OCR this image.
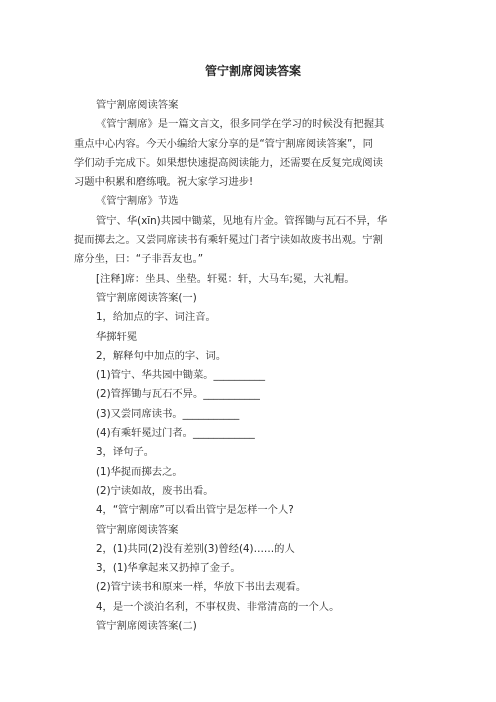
管宁割席阅读答案
管宁割席阅读答案
《管宁割席》是一篇文言文，很多同学在学习的时候没有把握其
重点中心内容。今天小编给大家分享的是“管宁割席阅读答案”，同
学们动手完成下。如果想快速提高阅读能力，还需要在反复完成阅读
习题中积累和磨练哦。祝大家学习进步!
《管宁割席》节选
管宁、华(xīn)共园中锄菜，见地有片金。管挥锄与瓦石不异，华
捉而掷去之。又尝同席读书有乘轩冕过门者宁读如故废书出观。宁割
席分坐，曰：“子非吾友也。”
[注释]席：坐具、坐垫。轩冕：轩，大马车;冕，大礼帽。
管宁割席阅读答案(一)
1，给加点的字、词注音。
华掷轩冕
2，解释句中加点的字、词。
(1)管宁、华共园中锄菜。__________
(2)管挥锄与瓦石不异。___________
(3)又尝同席读书。___________
(4)有乘轩冕过门者。____________
3，译句子。
(1)华捉而掷去之。
(2)宁读如故，废书出看。
4，“管宁割席”可以看出管宁是怎样一个人?
管宁割席阅读答案
2，(1)共同(2)没有差别(3)曾经(4)……的人
3，(1)华拿起来又扔掉了金子。
(2)管宁读书和原来一样，华放下书出去观看。
4，是一个淡泊名利，不事权贵、非常清高的一个人。
管宁割席阅读答案(二)
